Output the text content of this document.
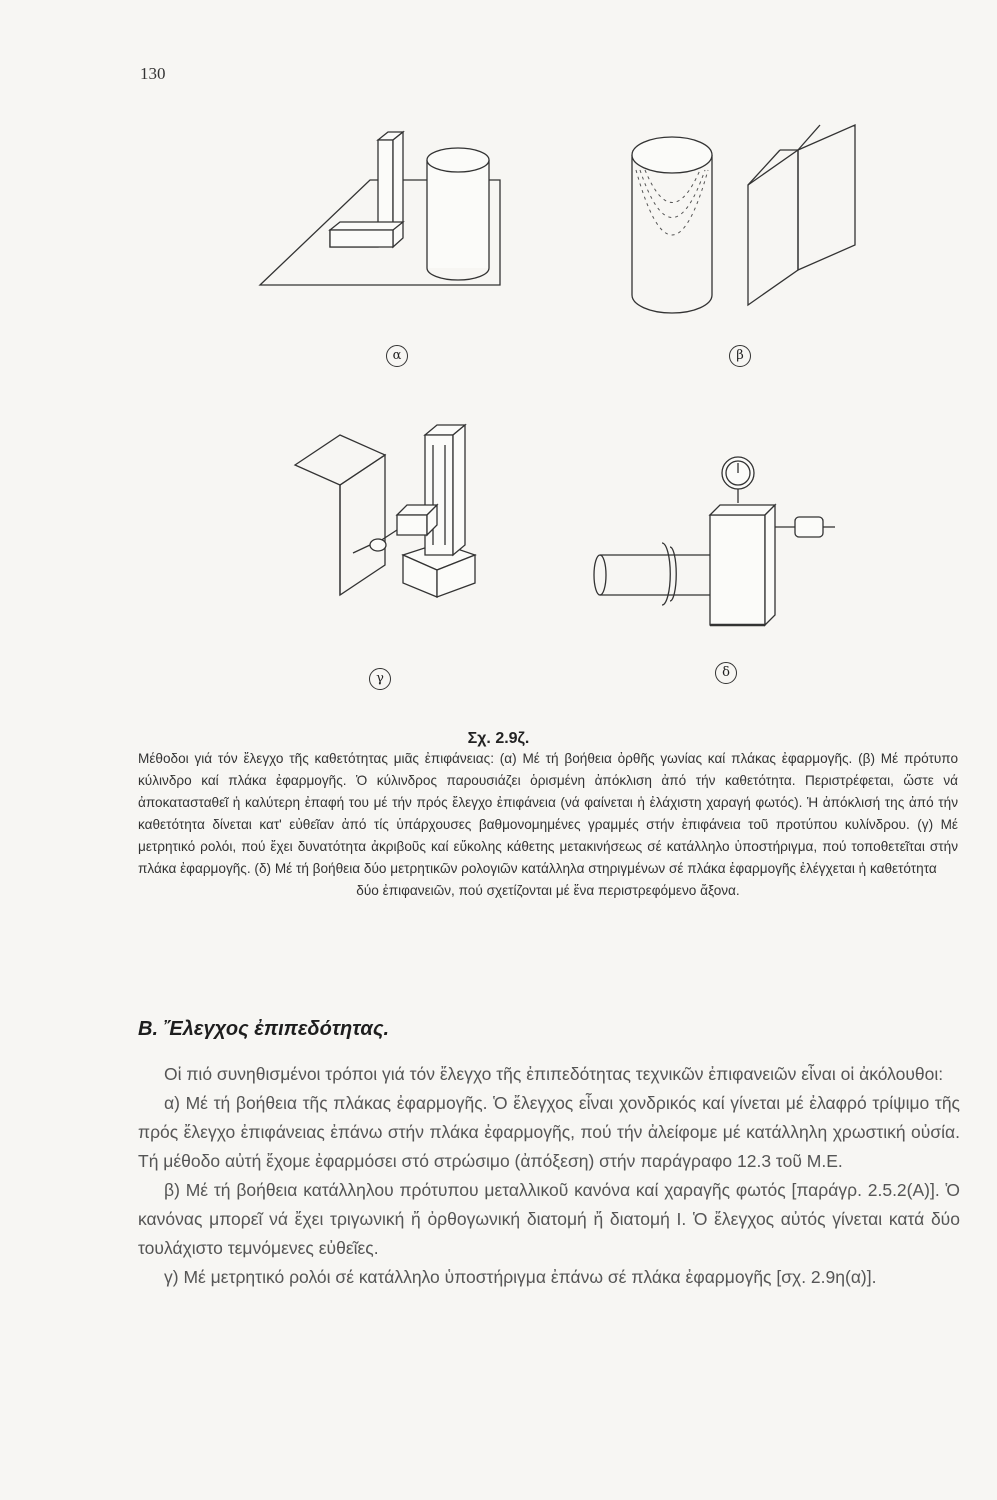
130
α	β
γ	δ
Σχ. 2.9ζ.
Μέθοδοι γιά τόν ἔλεγχο τῆς καθετότητας μιᾶς ἐπιφάνειας: (α) Μέ τή βοήθεια ὀρθῆς γωνίας καί πλάκας ἐφαρμογῆς. (β) Μέ πρότυπο κύλινδρο καί πλάκα ἐφαρμογῆς. Ὁ κύλινδρος παρουσιάζει ὁρισμένη ἀπόκλιση ἀπό τήν καθετότητα. Περιστρέφεται, ὥστε νά ἀποκατασταθεῖ ἡ καλύτερη ἐπαφή του μέ τήν πρός ἔλεγχο ἐπιφάνεια (νά φαίνεται ἡ ἐλάχιστη χαραγή φωτός). Ἡ ἀπόκλισή της ἀπό τήν καθετότητα δίνεται κατ' εὐθεῖαν ἀπό τίς ὑπάρχουσες βαθμονομημένες γραμμές στήν ἐπιφάνεια τοῦ προτύπου κυλίνδρου. (γ) Μέ μετρητικό ρολόι, πού ἔχει δυνατότητα ἀκριβοῦς καί εὔκολης κάθετης μετακινήσεως σέ κατάλληλο ὑποστήριγμα, πού τοποθετεῖται στήν πλάκα ἐφαρμογῆς. (δ) Μέ τή βοήθεια δύο μετρητικῶν ρολογιῶν κατάλληλα στηριγμένων σέ πλάκα ἐφαρμογῆς ἐλέγχεται ἡ καθετότητα
δύο ἐπιφανειῶν, πού σχετίζονται μέ ἕνα περιστρεφόμενο ἄξονα.
Β. Ἔλεγχος ἐπιπεδότητας.

Οἱ πιό συνηθισμένοι τρόποι γιά τόν ἔλεγχο τῆς ἐπιπεδότητας τεχνικῶν ἐπιφανειῶν εἶναι οἱ ἀκόλουθοι:

α) Μέ τή βοήθεια τῆς πλάκας ἐφαρμογῆς. Ὁ ἔλεγχος εἶναι χονδρικός καί γίνεται μέ ἐλαφρό τρίψιμο τῆς πρός ἔλεγχο ἐπιφάνειας ἐπάνω στήν πλάκα ἐφαρμογῆς, πού τήν ἀλείφομε μέ κατάλληλη χρωστική οὐσία. Τή μέθοδο αὐτή ἔχομε ἐφαρμόσει στό στρώσιμο (ἀπόξεση) στήν παράγραφο 12.3 τοῦ Μ.Ε.

β) Μέ τή βοήθεια κατάλληλου πρότυπου μεταλλικοῦ κανόνα καί χαραγῆς φωτός [παράγρ. 2.5.2(Α)]. Ὁ κανόνας μπορεῖ νά ἔχει τριγωνική ἤ ὀρθογωνική διατομή ἤ διατομή Ι. Ὁ ἔλεγχος αὐτός γίνεται κατά δύο τουλάχιστο τεμνόμενες εὐθεῖες.

γ) Μέ μετρητικό ρολόι σέ κατάλληλο ὑποστήριγμα ἐπάνω σέ πλάκα ἐφαρμογῆς [σχ. 2.9η(α)].
